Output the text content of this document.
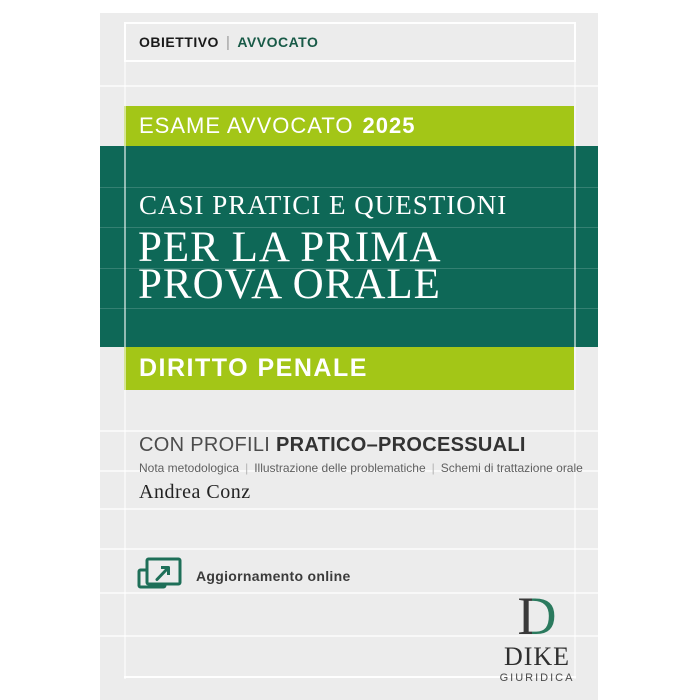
OBIETTIVO | AVVOCATO
ESAME AVVOCATO 2025
CASI PRATICI E QUESTIONI
PER LA PRIMA
PROVA ORALE
DIRITTO PENALE
CON PROFILI PRATICO–PROCESSUALI
Nota metodologica | Illustrazione delle problematiche | Schemi di trattazione orale
Andrea Conz
Aggiornamento online
D
DIKE
GIURIDICA
